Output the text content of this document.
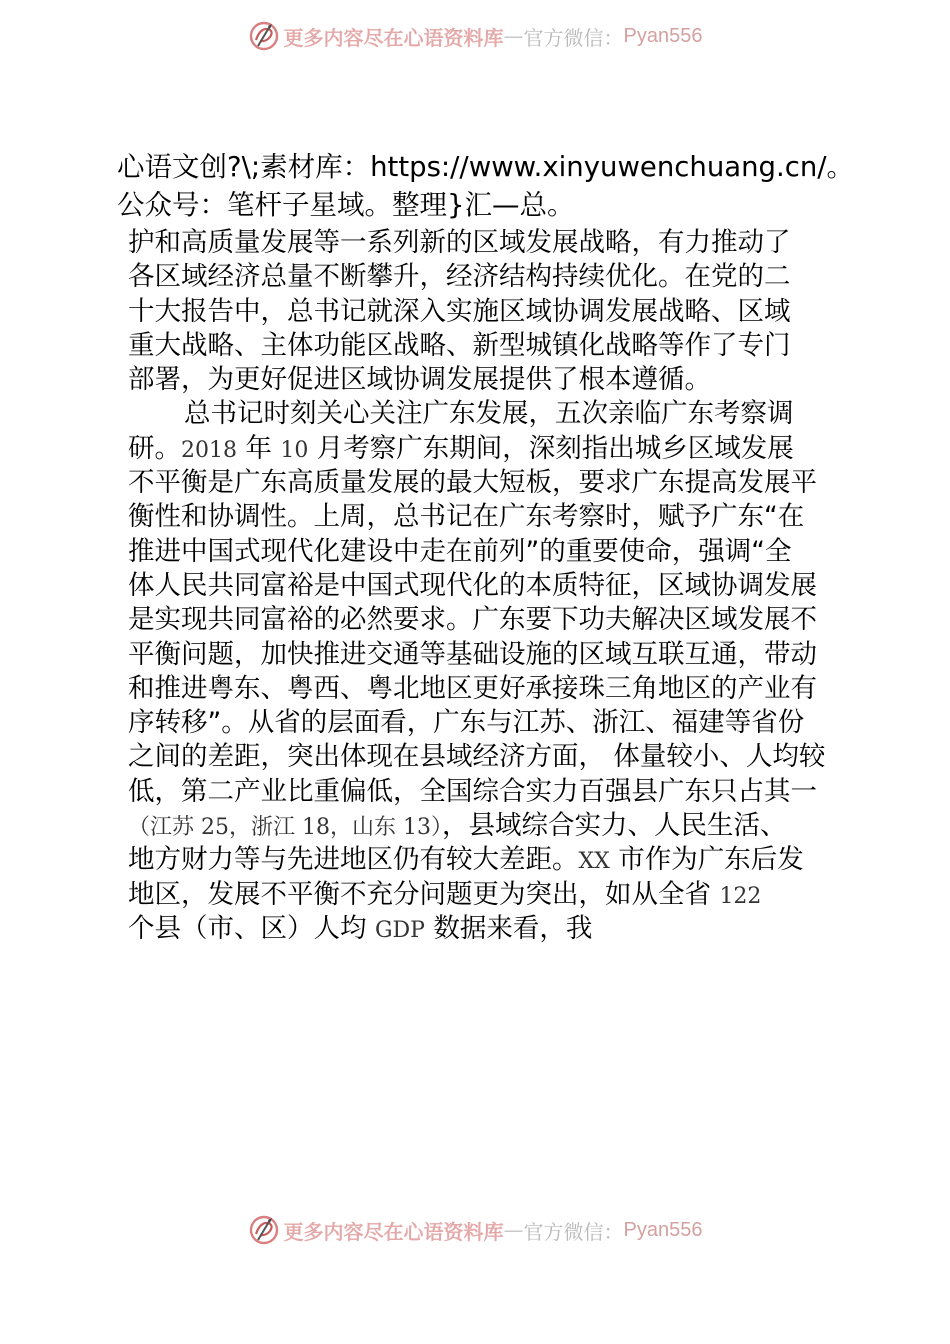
更多内容尽在心语资料库 — 官方微信： Pyan556
心语文创?\;素材库：https://www.xinyuwenchuang.cn/。
公众号：笔杆子星域。整理}汇—总。
护和高质量发展等一系列新的区域发展战略，有力推动了
各区域经济总量不断攀升，经济结构持续优化。在党的二
十大报告中，总书记就深入实施区域协调发展战略、区域
重大战略、主体功能区战略、新型城镇化战略等作了专门
部署，为更好促进区域协调发展提供了根本遵循。
总书记时刻关心关注广东发展，五次亲临广东考察调
研。2018 年 10 月考察广东期间，深刻指出城乡区域发展
不平衡是广东高质量发展的最大短板，要求广东提高发展平
衡性和协调性。上周，总书记在广东考察时，赋予广东“在
推进中国式现代化建设中走在前列”的重要使命，强调“全
体人民共同富裕是中国式现代化的本质特征，区域协调发展
是实现共同富裕的必然要求。广东要下功夫解决区域发展不
平衡问题，加快推进交通等基础设施的区域互联互通，带动
和推进粤东、粤西、粤北地区更好承接珠三角地区的产业有
序转移”。从省的层面看，广东与江苏、浙江、福建等省份
之间的差距，突出体现在县域经济方面， 体量较小、人均较
低，第二产业比重偏低，全国综合实力百强县广东只占其一
（江苏 25，浙江 18，山东 13），县域综合实力、人民生活、
地方财力等与先进地区仍有较大差距。XX 市作为广东后发
地区，发展不平衡不充分问题更为突出，如从全省 122
个县（市、区）人均 GDP 数据来看，我
更多内容尽在心语资料库 — 官方微信： Pyan556
